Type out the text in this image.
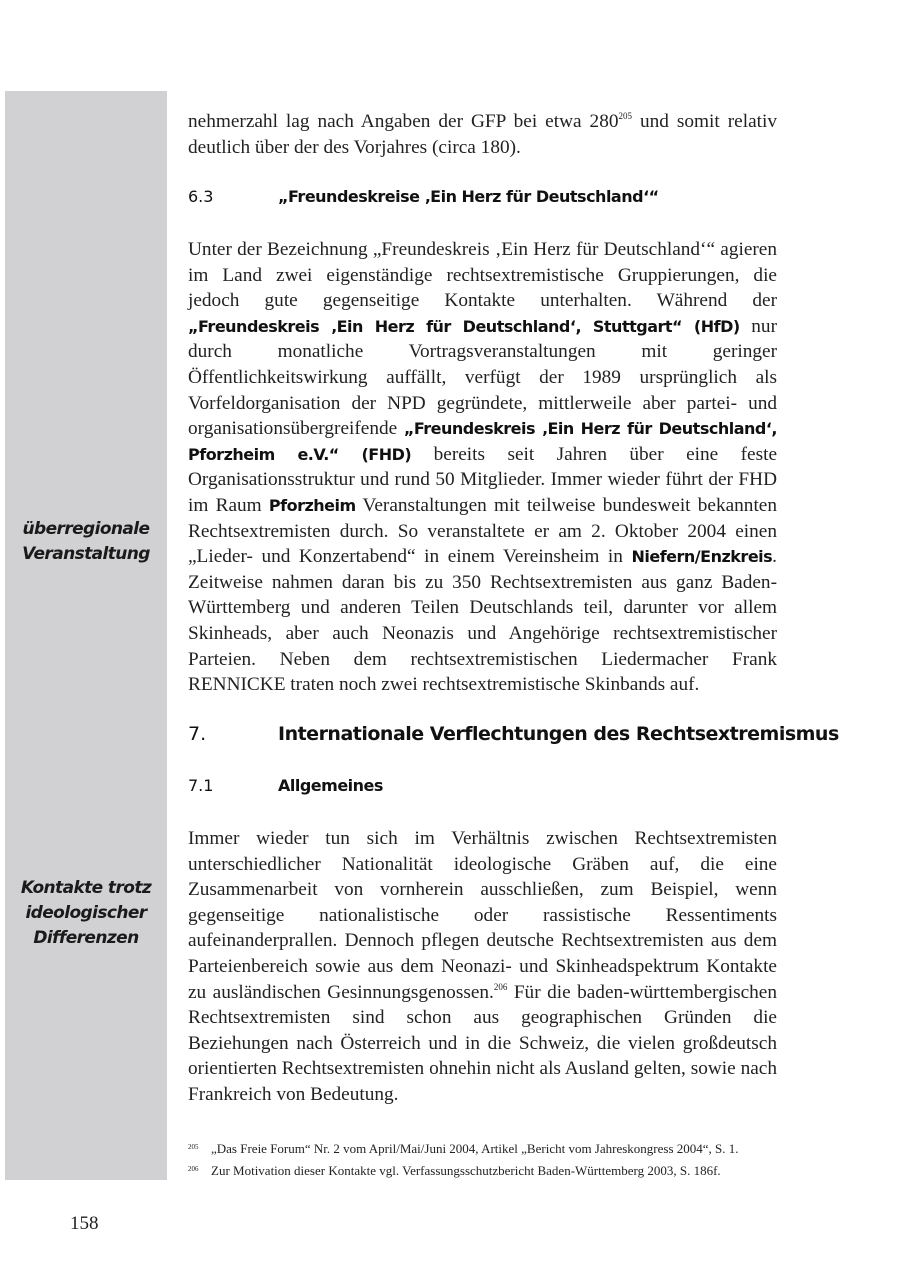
überregionale
Veranstaltung
Kontakte trotz
ideologischer
Differenzen

nehmerzahl lag nach Angaben der GFP bei etwa $280^{205}$ und somit relativ deutlich über der des Vorjahres (circa 180).

6.3	„Freundeskreise ‚Ein Herz für Deutschland‘“

Unter der Bezeichnung „Freundeskreis ‚Ein Herz für Deutschland‘“ agieren im Land zwei eigenständige rechtsextremistische Gruppierungen, die jedoch gute gegenseitige Kontakte unterhalten. Während der „Freundeskreis ‚Ein Herz für Deutschland‘, Stuttgart“ (HfD) nur durch monatliche Vortragsveranstaltungen mit geringer Öffentlichkeitswirkung auffällt, verfügt der 1989 ursprünglich als Vorfeldorganisation der NPD gegründete, mittlerweile aber partei- und organisationsübergreifende „Freundeskreis ‚Ein Herz für Deutschland‘, Pforzheim e.V.“ (FHD) bereits seit Jahren über eine feste Organisationsstruktur und rund 50 Mitglieder. Immer wieder führt der FHD im Raum Pforzheim Veranstaltungen mit teilweise bundesweit bekannten Rechtsextremisten durch. So veranstaltete er am 2. Oktober 2004 einen „Lieder- und Konzertabend“ in einem Vereinsheim in Niefern/Enzkreis. Zeitweise nahmen daran bis zu 350 Rechtsextremisten aus ganz Baden-Württemberg und anderen Teilen Deutschlands teil, darunter vor allem Skinheads, aber auch Neonazis und Angehörige rechtsextremistischer Parteien. Neben dem rechtsextremistischen Liedermacher Frank RENNICKE traten noch zwei rechtsextremistische Skinbands auf.

7.	Internationale Verflechtungen des Rechtsextremismus
7.1	Allgemeines

Immer wieder tun sich im Verhältnis zwischen Rechtsextremisten unterschiedlicher Nationalität ideologische Gräben auf, die eine Zusammenarbeit von vornherein ausschließen, zum Beispiel, wenn gegenseitige nationalistische oder rassistische Ressentiments aufeinanderprallen. Dennoch pflegen deutsche Rechtsextremisten aus dem Parteienbereich sowie aus dem Neonazi- und Skinheadspektrum Kontakte zu ausländischen Gesinnungsgenossen.$^{206}$ Für die baden-württembergischen Rechtsextremisten sind schon aus geographischen Gründen die Beziehungen nach Österreich und in die Schweiz, die vielen großdeutsch orientierten Rechtsextremisten ohnehin nicht als Ausland gelten, sowie nach Frankreich von Bedeutung.

205 „Das Freie Forum“ Nr. 2 vom April/Mai/Juni 2004, Artikel „Bericht vom Jahreskongress 2004“, S. 1.
206 Zur Motivation dieser Kontakte vgl. Verfassungsschutzbericht Baden-Württemberg 2003, S. 186f.
158
